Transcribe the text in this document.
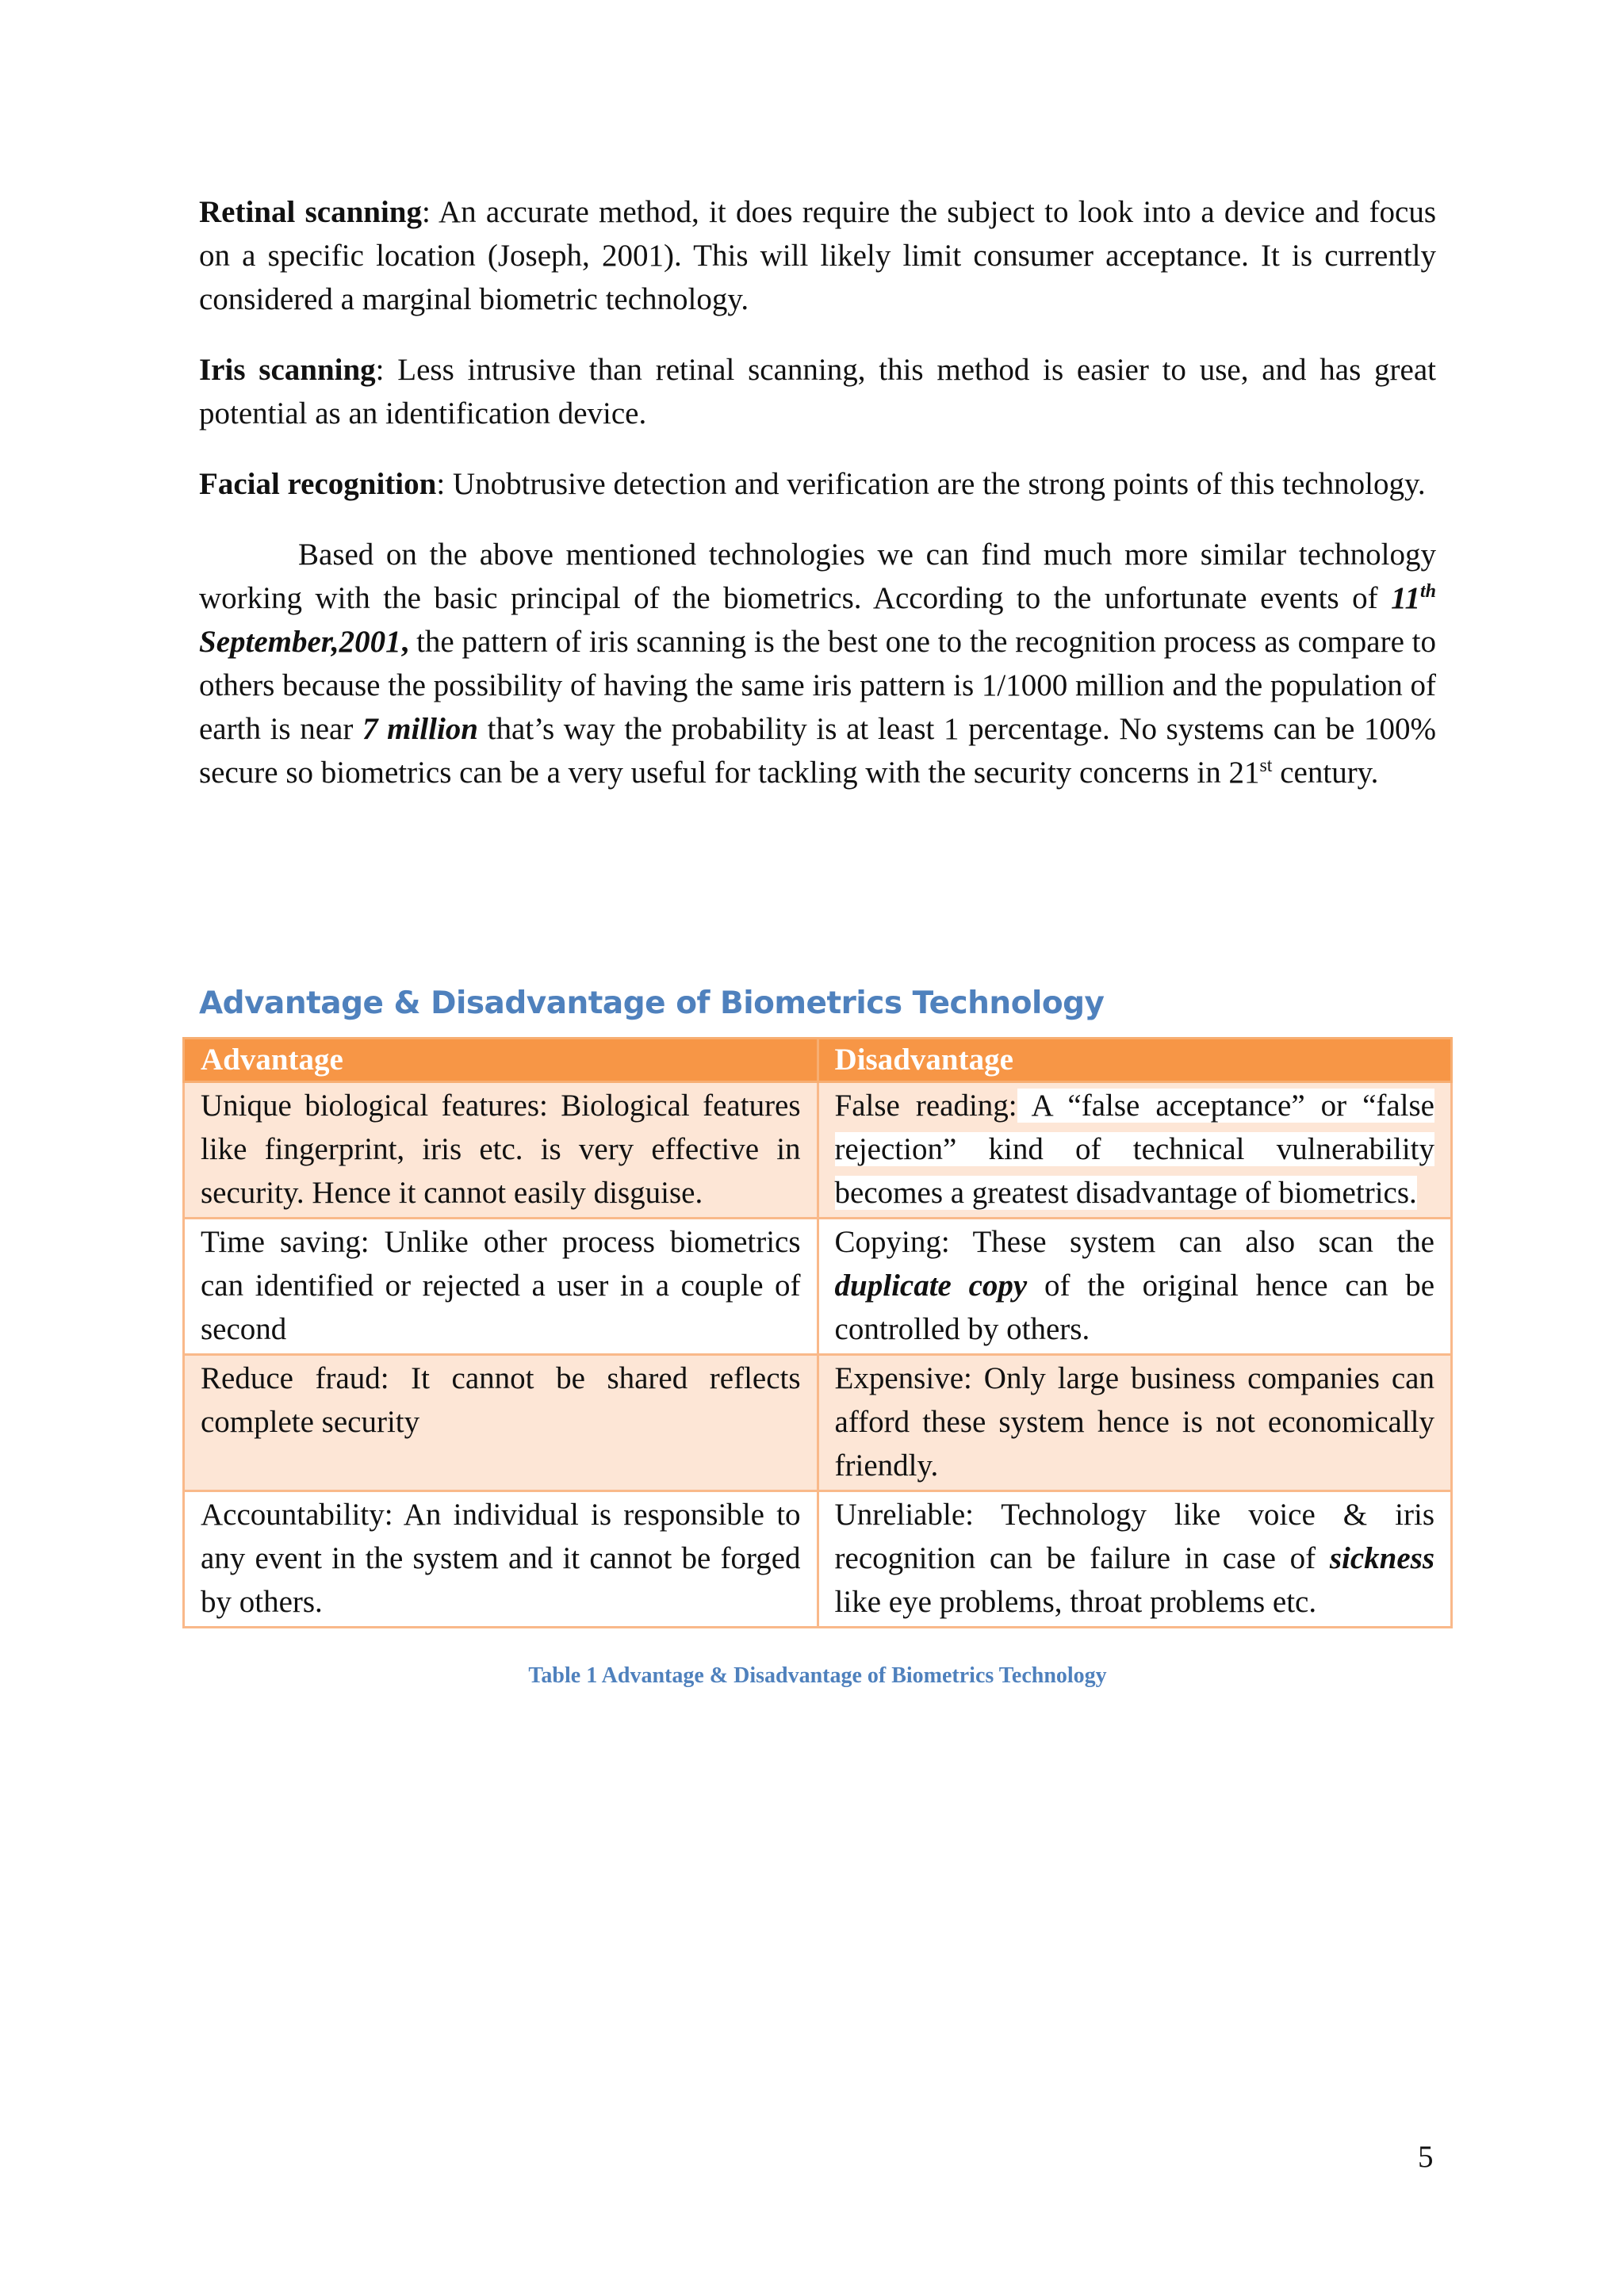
Retinal scanning: An accurate method, it does require the subject to look into a device and focus on a specific location (Joseph, 2001). This will likely limit consumer acceptance. It is currently considered a marginal biometric technology.

Iris scanning: Less intrusive than retinal scanning, this method is easier to use, and has great potential as an identification device.

Facial recognition: Unobtrusive detection and verification are the strong points of this technology.

Based on the above mentioned technologies we can find much more similar technology working with the basic principal of the biometrics. According to the unfortunate events of 11th September,2001, the pattern of iris scanning is the best one to the recognition process as compare to others because the possibility of having the same iris pattern is 1/1000 million and the population of earth is near 7 million that’s way the probability is at least 1 percentage. No systems can be 100% secure so biometrics can be a very useful for tackling with the security concerns in 21st century.

Advantage & Disadvantage of Biometrics Technology
Advantage	Disadvantage
Unique biological features: Biological features like fingerprint, iris etc. is very effective in security. Hence it cannot easily disguise.	False reading: A “false acceptance” or “false rejection” kind of technical vulnerability becomes a greatest disadvantage of biometrics.
Time saving: Unlike other process biometrics can identified or rejected a user in a couple of second	Copying: These system can also scan the duplicate copy of the original hence can be controlled by others.
Reduce fraud: It cannot be shared reflects complete security	Expensive: Only large business companies can afford these system hence is not economically friendly.
Accountability: An individual is responsible to any event in the system and it cannot be forged by others.	Unreliable: Technology like voice & iris recognition can be failure in case of sickness like eye problems, throat problems etc.
Table 1 Advantage & Disadvantage of Biometrics Technology
5
